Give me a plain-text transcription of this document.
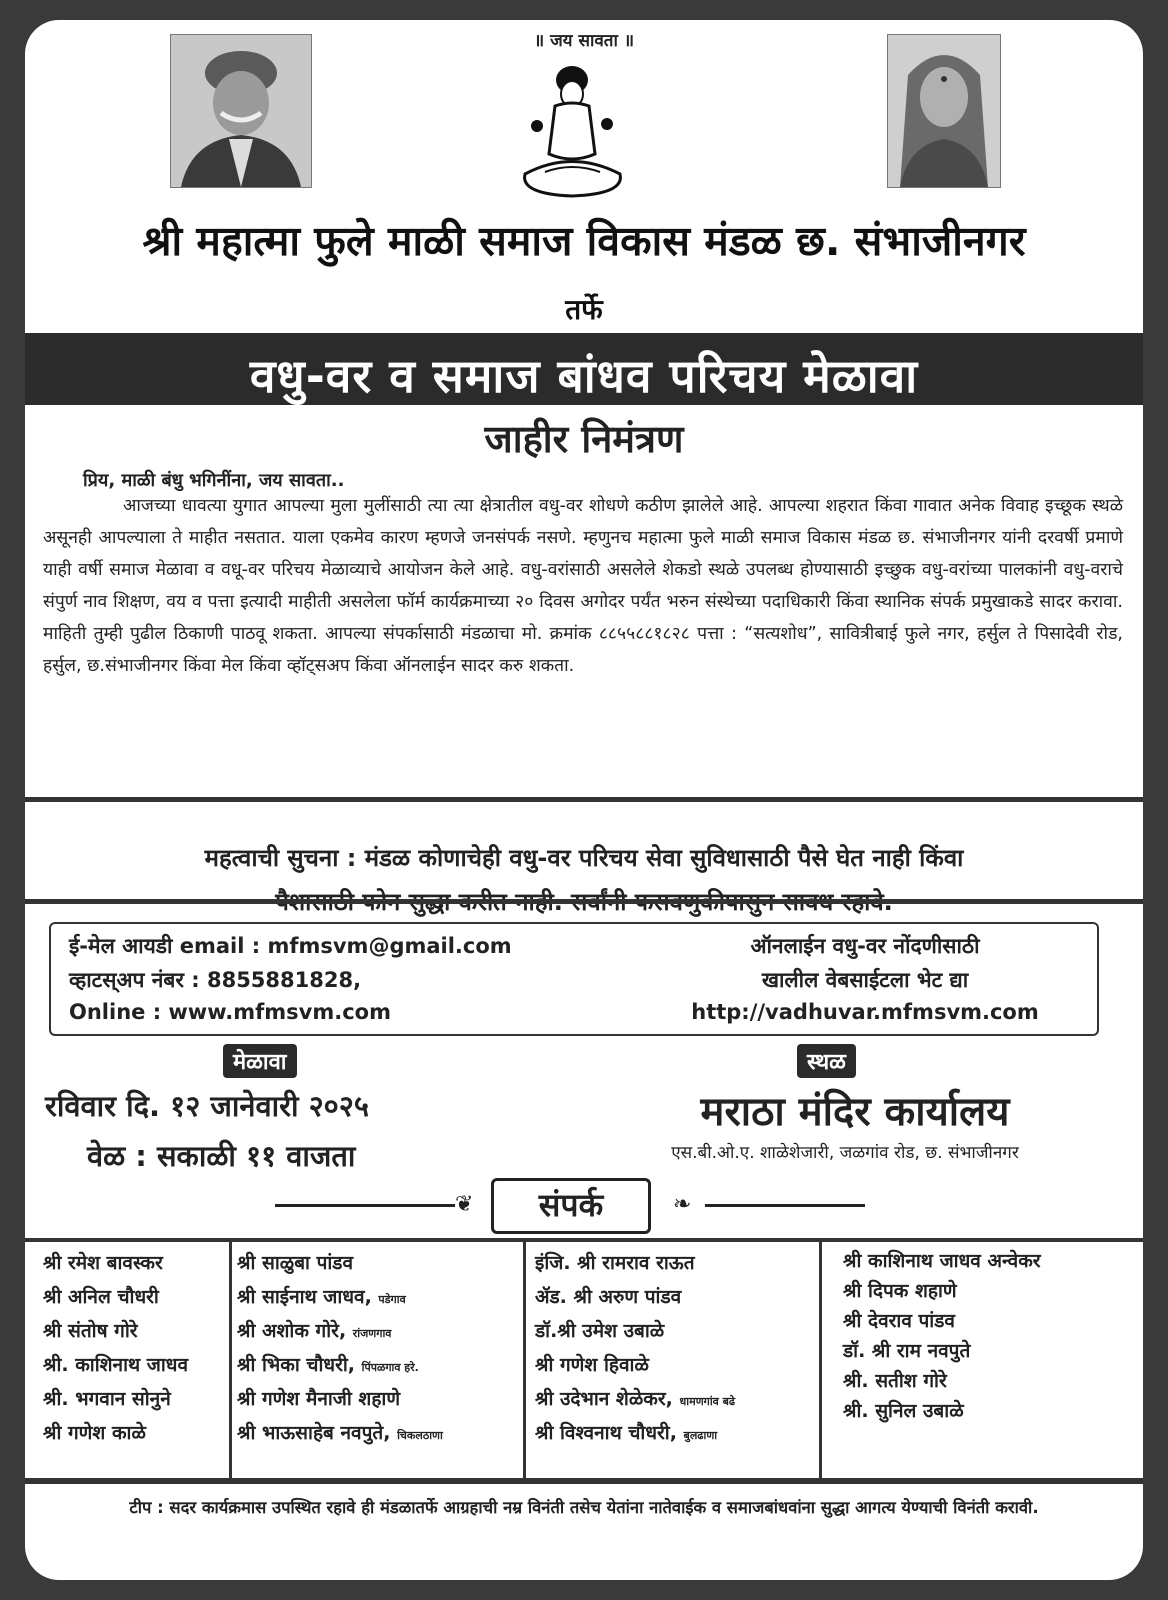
॥ जय सावता ॥
श्री महात्मा फुले माळी समाज विकास मंडळ छ. संभाजीनगर
तर्फे
वधु-वर व समाज बांधव परिचय मेळावा
जाहीर निमंत्रण
प्रिय, माळी बंधु भगिनींना, जय सावता..
आजच्या धावत्या युगात आपल्या मुला मुलींसाठी त्या त्या क्षेत्रातील वधु-वर शोधणे कठीण झालेले आहे. आपल्या शहरात किंवा गावात अनेक विवाह इच्छूक स्थळे असूनही आपल्याला ते माहीत नसतात. याला एकमेव कारण म्हणजे जनसंपर्क नसणे. म्हणुनच महात्मा फुले माळी समाज विकास मंडळ छ. संभाजीनगर यांनी दरवर्षी प्रमाणे याही वर्षी समाज मेळावा व वधू-वर परिचय मेळाव्याचे आयोजन केले आहे. वधु-वरांसाठी असलेले शेकडो स्थळे उपलब्ध होण्यासाठी इच्छुक वधु-वरांच्या पालकांनी वधु-वराचे संपुर्ण नाव शिक्षण, वय व पत्ता इत्यादी माहीती असलेला फॉर्म कार्यक्रमाच्या २० दिवस अगोदर पर्यंत भरुन संस्थेच्या पदाधिकारी किंवा स्थानिक संपर्क प्रमुखाकडे सादर करावा. माहिती तुम्ही पुढील ठिकाणी पाठवू शकता. आपल्या संपर्कासाठी मंडळाचा मो. क्रमांक ८८५५८८१८२८ पत्ता : “सत्यशोध”, सावित्रीबाई फुले नगर, हर्सुल ते पिसादेवी रोड, हर्सुल, छ.संभाजीनगर किंवा मेल किंवा व्हॉट्सअप किंवा ऑनलाईन सादर करु शकता.
महत्वाची सुचना : मंडळ कोणाचेही वधु-वर परिचय सेवा सुविधासाठी पैसे घेत नाही किंवा
ई-मेल आयडी email : mfmsvm@gmail.com
व्हाटस्अप नंबर : 8855881828,
Online : www.mfmsvm.com
ऑनलाईन वधु-वर नोंदणीसाठी
खालील वेबसाईटला भेट द्या
http://vadhuvar.mfmsvm.com
मेळावा
रविवार दि. १२ जानेवारी २०२५
वेळ : सकाळी ११ वाजता
स्थळ
मराठा मंदिर कार्यालय
एस.बी.ओ.ए. शाळेशेजारी, जळगांव रोड, छ. संभाजीनगर
❦	संपर्क	❧
श्री रमेश बावस्कर
श्री अनिल चौधरी
श्री संतोष गोरे
श्री. काशिनाथ जाधव
श्री. भगवान सोनुने
श्री गणेश काळे
श्री साळुबा पांडव
श्री साईनाथ जाधव, पडेगाव
श्री अशोक गोरे, रांजणगाव
श्री भिका चौधरी, पिंपळगाव हरे.
श्री गणेश मैनाजी शहाणे
श्री भाऊसाहेब नवपुते, चिकलठाणा
इंजि. श्री रामराव राऊत
ॲड. श्री अरुण पांडव
डॉ.श्री उमेश उबाळे
श्री गणेश हिवाळे
श्री उदेभान शेळेकर, धामणगांव बढे
श्री विश्वनाथ चौधरी, बुलढाणा
श्री काशिनाथ जाधव अन्वेकर
श्री दिपक शहाणे
श्री देवराव पांडव
डॉ. श्री राम नवपुते
श्री. सतीश गोरे
श्री. सुनिल उबाळे
टीप : सदर कार्यक्रमास उपस्थित रहावे ही मंडळातर्फे आग्रहाची नम्र विनंती तसेच येतांना नातेवाईक व समाजबांधवांना सुद्धा आगत्य येण्याची विनंती करावी.
